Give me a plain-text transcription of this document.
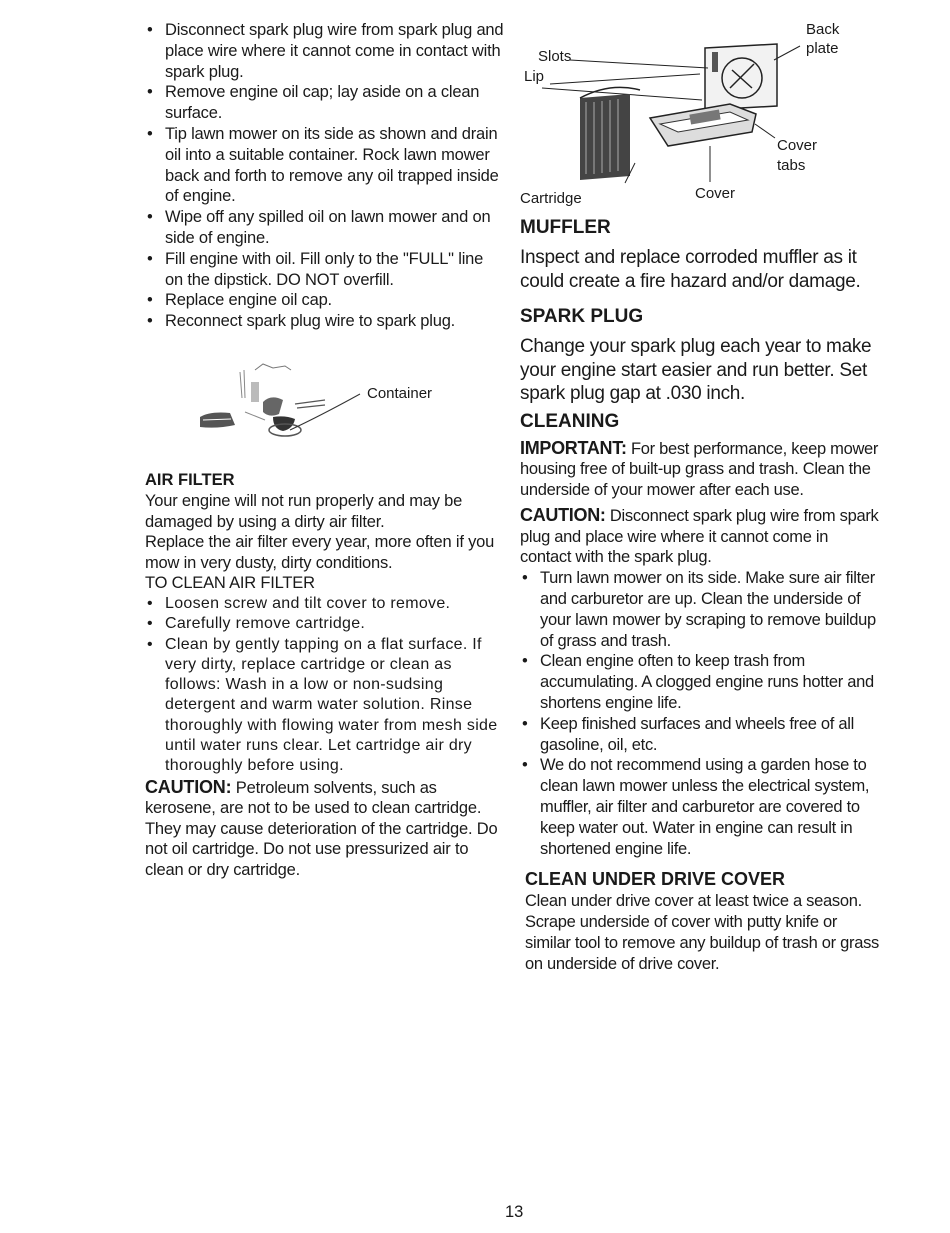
• Disconnect spark plug wire from spark plug and place wire where it cannot come in contact with spark plug.
• Remove engine oil cap; lay aside on a clean surface.
• Tip lawn mower on its side as shown and drain oil into a suitable container. Rock lawn mower back and forth to remove any oil trapped inside of engine.
• Wipe off any spilled oil on lawn mower and on side of engine.
• Fill engine with oil. Fill only to the "FULL" line on the dipstick. DO NOT overfill.
• Replace engine oil cap.
• Reconnect spark plug wire to spark plug.
Container
AIR FILTER

Your engine will not run properly and may be damaged by using a dirty air filter.

Replace the air filter every year, more often if you mow in very dusty, dirty conditions.

TO CLEAN AIR FILTER

• Loosen screw and tilt cover to remove.
• Carefully remove cartridge.
• Clean by gently tapping on a flat surface. If very dirty, replace cartridge or clean as follows: Wash in a low or non-sudsing detergent and warm water solution. Rinse thoroughly with flowing water from mesh side until water runs clear. Let cartridge air dry thoroughly before using.

CAUTION: Petroleum solvents, such as kerosene, are not to be used to clean cartridge. They may cause deterioration of the cartridge. Do not oil cartridge. Do not use pressurized air to clean or dry cartridge.

Back plate
Slots
Lip
Cover tabs
Cartridge	Cover
MUFFLER

Inspect and replace corroded muffler as it could create a fire hazard and/or damage.

SPARK PLUG

Change your spark plug each year to make your engine start easier and run better. Set spark plug gap at .030 inch.

CLEANING

IMPORTANT: For best performance, keep mower housing free of built-up grass and trash. Clean the underside of your mower after each use.

CAUTION: Disconnect spark plug wire from spark plug and place wire where it cannot come in contact with the spark plug.

• Turn lawn mower on its side. Make sure air filter and carburetor are up. Clean the underside of your lawn mower by scraping to remove buildup of grass and trash.
• Clean engine often to keep trash from accumulating. A clogged engine runs hotter and shortens engine life.
• Keep finished surfaces and wheels free of all gasoline, oil, etc.
• We do not recommend using a garden hose to clean lawn mower unless the electrical system, muffler, air filter and carburetor are covered to keep water out. Water in engine can result in shortened engine life.
CLEAN UNDER DRIVE COVER

Clean under drive cover at least twice a season. Scrape underside of cover with putty knife or similar tool to remove any buildup of trash or grass on underside of drive cover.

13
